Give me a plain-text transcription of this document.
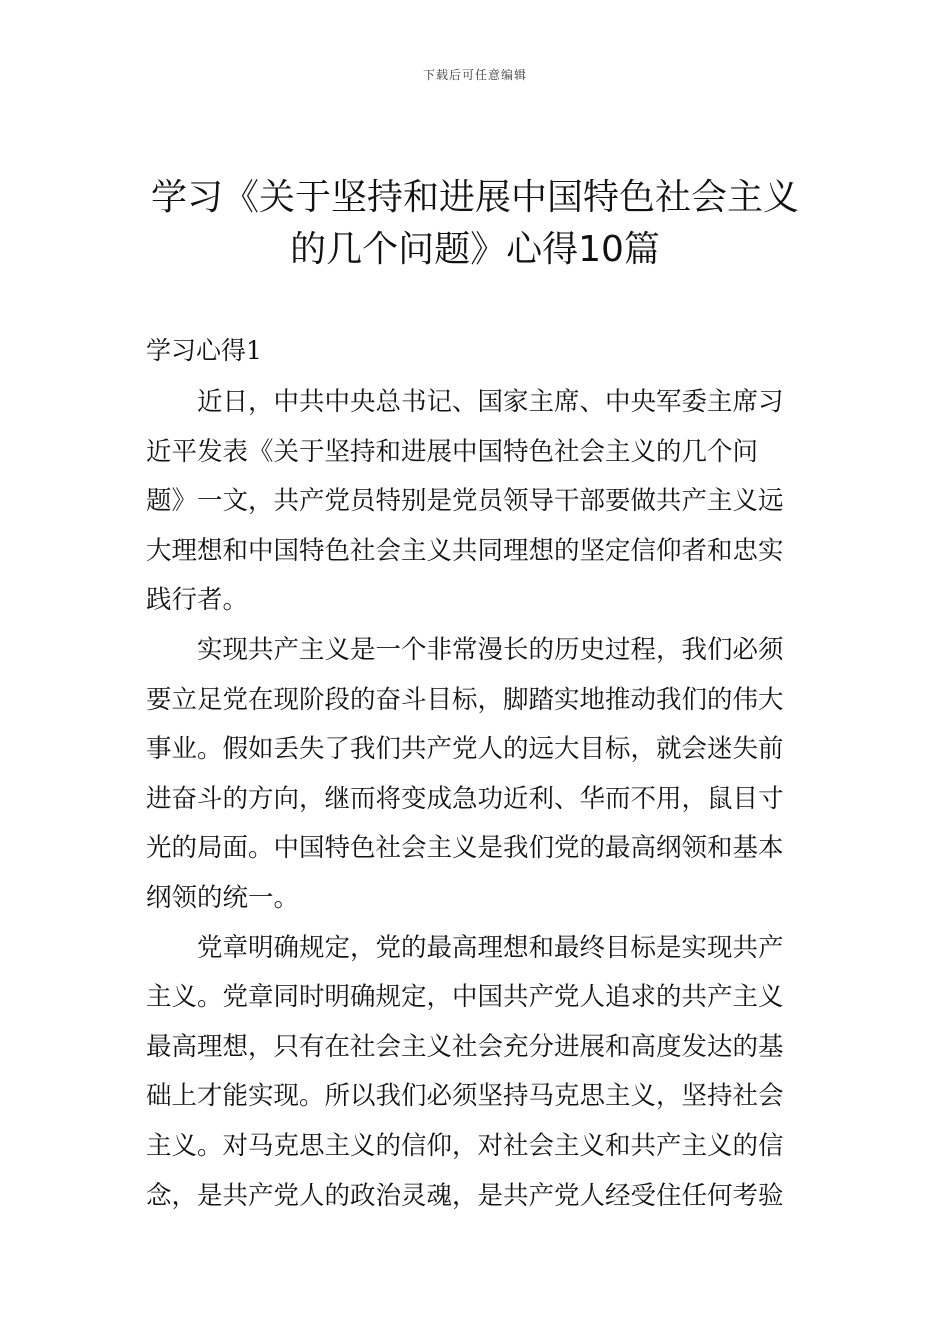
下载后可任意编辑
学习《关于坚持和进展中国特色社会主义
的几个问题》心得10篇
学习心得1

近日，中共中央总书记、国家主席、中央军委主席习
近平发表《关于坚持和进展中国特色社会主义的几个问
题》一文，共产党员特别是党员领导干部要做共产主义远
大理想和中国特色社会主义共同理想的坚定信仰者和忠实
践行者。

实现共产主义是一个非常漫长的历史过程，我们必须
要立足党在现阶段的奋斗目标，脚踏实地推动我们的伟大
事业。假如丢失了我们共产党人的远大目标，就会迷失前
进奋斗的方向，继而将变成急功近利、华而不用，鼠目寸
光的局面。中国特色社会主义是我们党的最高纲领和基本
纲领的统一。

党章明确规定，党的最高理想和最终目标是实现共产
主义。党章同时明确规定，中国共产党人追求的共产主义
最高理想，只有在社会主义社会充分进展和高度发达的基
础上才能实现。所以我们必须坚持马克思主义，坚持社会
主义。对马克思主义的信仰，对社会主义和共产主义的信
念，是共产党人的政治灵魂，是共产党人经受住任何考验
